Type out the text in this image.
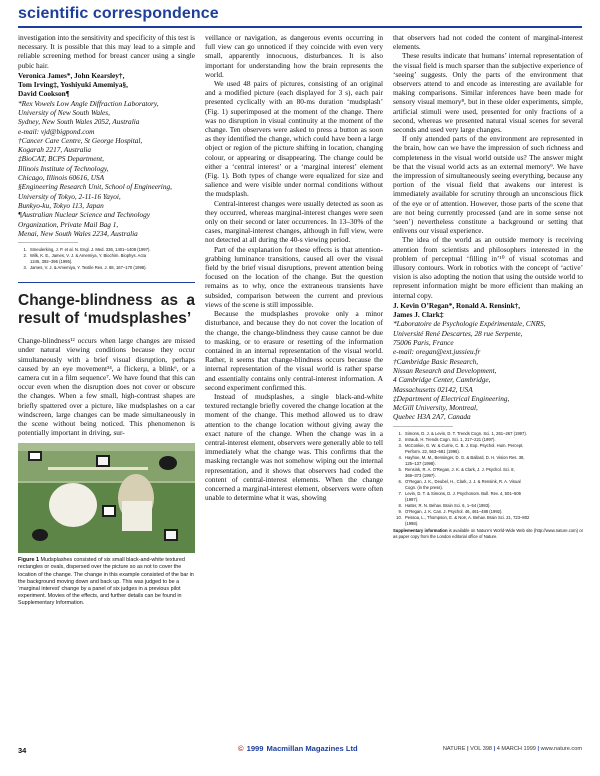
scientific correspondence

investigation into the sensitivity and specificity of this test is necessary. It is possible that this may lead to a simple and reliable screening method for breast cancer using a single pubic hair.

Veronica James*, John Kearsley†,
Tom Irving‡, Yoshiyuki Amemiya§,
David Cookson¶
*Rex Vowels Low Angle Diffraction Laboratory,
University of New South Wales,
Sydney, New South Wales 2052, Australia
e-mail: vjd@bigpond.com
†Cancer Care Centre, St George Hospital,
Kogarah 2217, Australia
‡BioCAT, BCPS Department,
Illinois Institute of Technology,
Chicago, Illinois 60616, USA
§Engineering Research Unit, School of Engineering,
University of Tokyo, 2-11-16 Yayoi,
Bunkyo-ku, Tokyo 113, Japan
¶Australian Nuclear Science and Technology
Organization, Private Mail Bag 1,
Menai, New South Wales 2234, Australia
1. Smeulerking, J. P. et al. N. Engl. J. Med. 336, 1401–1408 (1997).
2. Wilk, K. E., James, V. J. & Amemiya, Y. Biochim. Biophys. Acta
1245, 392–396 (1995).
3. James, V. J. & Amemiya, Y. Textile Res. J. 68, 167–170 (1998).
Change-blindness as a result of ‘mudsplashes’

Change-blindness¹² occurs when large changes are missed under natural viewing conditions because they occur simultaneously with a brief visual disruption, perhaps caused by an eye movement³⁴, a flickerµ, a blink⁶, or a camera cut in a film sequence⁷. We have found that this can occur even when the disruption does not cover or obscure the changes. When a few small, high-contrast shapes are briefly spattered over a picture, like mudsplashes on a car windscreen, large changes can be made simultaneously in the scene without being noticed. This phenomenon is potentially important in driving, sur-

Figure 1 Mudsplashes consisted of six small black-and-white textured rectangles or ovals, dispersed over the picture so as not to cover the location of the change. The change in this example consisted of the bar in the background moving down and back up. This was judged to be a ‘marginal interest’ change by a panel of six judges in a previous pilot experiment. Movies of the effects, and further details can be found in Supplementary Information.

veillance or navigation, as dangerous events occurring in full view can go unnoticed if they coincide with even very small, apparently innocuous, disturbances. It is also important for understanding how the brain represents the world.

We used 48 pairs of pictures, consisting of an original and a modified picture (each displayed for 3 s), each pair presented cyclically with an 80-ms duration ‘mudsplash’ (Fig. 1) superimposed at the moment of the change. There was no disruption in visual continuity at the moment of the change. Ten observers were asked to press a button as soon as they identified the change, which could have been a large object or region of the picture shifting in location, changing colour, or appearing or disappearing. The change could be either a ‘central interest’ or a ‘marginal interest’ element (Fig. 1). Both types of change were equalized for size and salience and were visible under normal conditions without the mudsplash.

Central-interest changes were usually detected as soon as they occurred, whereas marginal-interest changes were seen only on their second or later occurrences. In 13–30% of the cases, marginal-interest changes, although in full view, were not detected at all during the 40-s viewing period.

Part of the explanation for these effects is that attention-grabbing luminance transitions, caused all over the visual field by the brief visual disruptions, prevent attention being focused on the location of the change. But the question remains as to why, once the extraneous transients have subsided, comparison between the current and previous views of the scene is still impossible.

Because the mudsplashes provoke only a minor disturbance, and because they do not cover the location of the change, the change-blindness they cause cannot be due to masking, or to erasure or resetting of the information contained in an internal representation of the visual world. Rather, it seems that change-blindness occurs because the internal representation of the visual world is rather sparse and essentially contains only central-interest information. A second experiment confirmed this.

Instead of mudsplashes, a single black-and-white textured rectangle briefly covered the change location at the moment of the change. This method allowed us to draw attention to the change location without giving away the exact nature of the change. When the change was in a central-interest element, observers were generally able to tell immediately what the change was. This confirms that the masking rectangle was not somehow wiping out the internal representation, and it shows that observers had coded the content of central-interest elements. When the change concerned a marginal-interest element, observers were often unable to determine what it was, showing

that observers had not coded the content of marginal-interest elements.

These results indicate that humans’ internal representation of the visual field is much sparser than the subjective experience of ‘seeing’ suggests. Only the parts of the environment that observers attend to and encode as interesting are available for making comparisons. Similar inferences have been made for sensory visual memory⁸, but in these older experiments, simple, artificial stimuli were used, presented for only fractions of a second, whereas we presented natural visual scenes for several seconds and used very large changes.

If only attended parts of the environment are represented in the brain, how can we have the impression of such richness and completeness in the visual world outside us? The answer might be that the visual world acts as an external memory⁹. We have the impression of simultaneously seeing everything, because any portion of the visual field that awakens our interest is immediately available for scrutiny through an unconscious flick of the eye or of attention. However, those parts of the scene that are not being currently processed (and are in some sense not ‘seen’) nevertheless constitute a background or setting that enlivens our visual experience.

The idea of the world as an outside memory is receiving attention from scientists and philosophers interested in the problem of perceptual ‘filling in’¹⁰ of visual scotomas and illusory contours. Work in robotics with the concept of ‘active’ vision is also adopting the notion that using the outside world to represent information might be more efficient than making an internal copy.

J. Kevin O’Regan*, Ronald A. Rensink†,
James J. Clark‡
*Laboratoire de Psychologie Expérimentale, CNRS,
Université René Descartes, 28 rue Serpente,
75006 Paris, France
e-mail: oregan@ext.jussieu.fr
†Cambridge Basic Research,
Nissan Research and Development,
4 Cambridge Center, Cambridge,
Massachusetts 02142, USA
‡Department of Electrical Engineering,
McGill University, Montreal,
Quebec H3A 2A7, Canada
1. Simons, D. J. & Levin, D. T. Trends Cogn. Sci. 1, 261–267 (1997).
2. Intraub, H. Trends Cogn. Sci. 1, 217–221 (1997).
3. McConkie, G. W. & Currie, C. B. J. Exp. Psychol. Hum. Percept.
Perform. 22, 563–581 (1996).
4. Hayhoe, M. M., Bensinger, D. G. & Ballard, D. H. Vision Res. 38,
125–137 (1998).
5. Rensink, R. A. O’Regan, J. K. & Clark, J. J. Psychol. Sci. 8,
368–373 (1997).
6. O’Regan, J. K., Deubel, H., Clark, J. J. & Rensink, R. A. Visual
Cogn. (in the press).
7. Levin, D. T. & Simons, D. J. Psychonom. Bull. Rev. 4, 501–506
(1997).
8. Hatter, R. N. Behav. Brain Sci. 6, 1–54 (1983).
9. O’Regan, J. K. Can. J. Psychol. 46, 461–488 (1992).
10. Pessoa, L., Thompson, E. & Noë, A. Behav. Brain Sci. 21, 723–802
(1998).
Supplementary information is available on Nature’s World-Wide Web site (http://www.nature.com) or as paper copy from the London editorial office of Nature.
34	© 1999 Macmillan Magazines Ltd	NATURE | VOL 398 | 4 MARCH 1999 | www.nature.com
